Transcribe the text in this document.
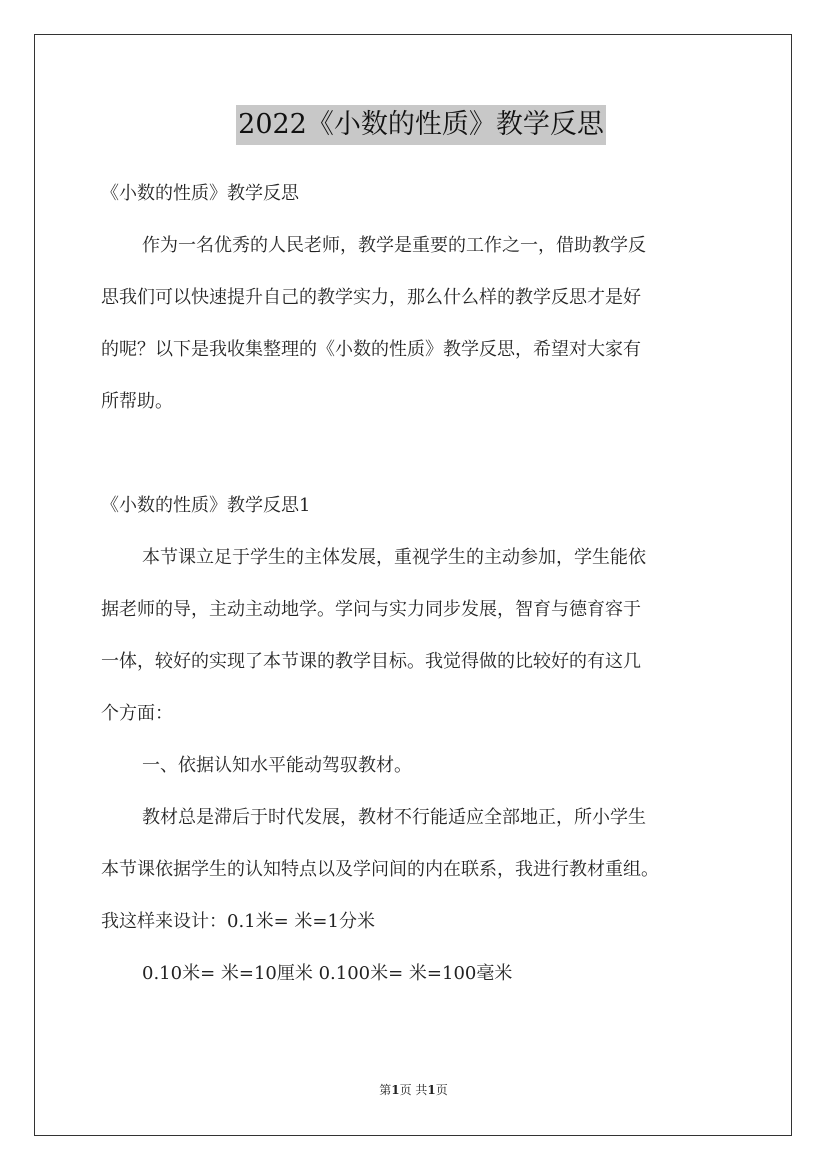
2022《小数的性质》教学反思

《小数的性质》教学反思

作为一名优秀的人民老师，教学是重要的工作之一，借助教学反

思我们可以快速提升自己的教学实力，那么什么样的教学反思才是好

的呢？以下是我收集整理的《小数的性质》教学反思，希望对大家有

所帮助。

《小数的性质》教学反思1

本节课立足于学生的主体发展，重视学生的主动参加，学生能依

据老师的导，主动主动地学。学问与实力同步发展，智育与德育容于

一体，较好的实现了本节课的教学目标。我觉得做的比较好的有这几

个方面：

一、依据认知水平能动驾驭教材。

教材总是滞后于时代发展，教材不行能适应全部地正，所小学生

本节课依据学生的认知特点以及学问间的内在联系，我进行教材重组。

我这样来设计：0.1米= 米=1分米

0.10米= 米=10厘米 0.100米= 米=100毫米

第1页 共1页
